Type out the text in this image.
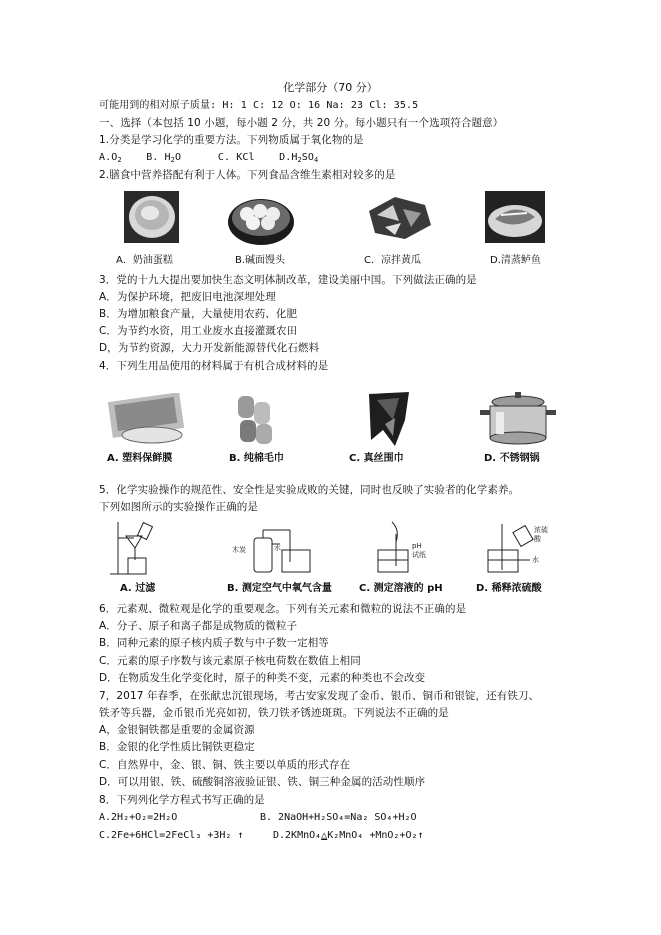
化学部分（70 分）
可能用到的相对原子质量: H: 1 C: 12 O: 16 Na: 23 Cl: 35.5
一、选择（本包括 10 小题，每小题 2 分，共 20 分。每小题只有一个选项符合题意）
1.分类是学习化学的重要方法。下列物质属于氧化物的是
$A.O_2$ B. $H_2O$	C. KCl $D.H_2SO_4$
2.膳食中营养搭配有利于人体。下列食品含维生素相对较多的是
A．奶油蛋糕	B.碱面馒头	C．凉拌黄瓜	D.清蒸鲈鱼
3．党的十九大提出要加快生态文明体制改革，建设美丽中国。下列做法正确的是
A．为保护环境，把废旧电池深埋处理
B．为增加粮食产量，大量使用农药、化肥
C．为节约水资，用工业废水直接灌溉农田
D，为节约资源，大力开发新能源替代化石燃料
4．下列生用品使用的材料属于有机合成材料的是
A. 塑料保鲜膜	B. 纯棉毛巾	C. 真丝围巾	D. 不锈钢锅
5．化学实验操作的规范性、安全性是实验成败的关键，同时也反映了实验者的化学素养。
下列如图所示的实验操作正确的是
木炭	水	pH
试纸
浓硫
酸
水
A. 过滤	B. 测定空气中氧气含量	C. 测定溶液的 pH	D. 稀释浓硫酸
6．元素观、微粒观是化学的重要观念。下列有关元素和微粒的说法不正确的是
A．分子、原子和离子都是成物质的微粒子
B．同种元素的原子核内质子数与中子数一定相等
C．元素的原子序数与该元素原子核电荷数在数值上相同
D．在物质发生化学变化时，原子的种类不变，元素的种类也不会改变
7，2017 年春季，在张献忠沉银现场，考古安家发现了金币、银币、铜币和银锭，还有铁刀、
铁矛等兵器，金币银币光亮如初，铁刀铁矛锈迹斑斑。下列说法不正确的是
A，金银铜铁都是重要的金属资源
B．金银的化学性质比铜铁更稳定
C．自然界中，金、银、铜、铁主要以单质的形式存在
D．可以用银、铁、硫酸铜溶液验证银、铁、铜三种金属的活动性顺序
8．下列列化学方程式书写正确的是
A.2H₂+O₂=2H₂O	B. 2NaOH+H₂SO₄=Na₂ SO₄+H₂O
C.2Fe+6HCl=2FeCl₃ +3H₂ ↑	D.2KMnO₄△K₂MnO₄ +MnO₂+O₂↑
